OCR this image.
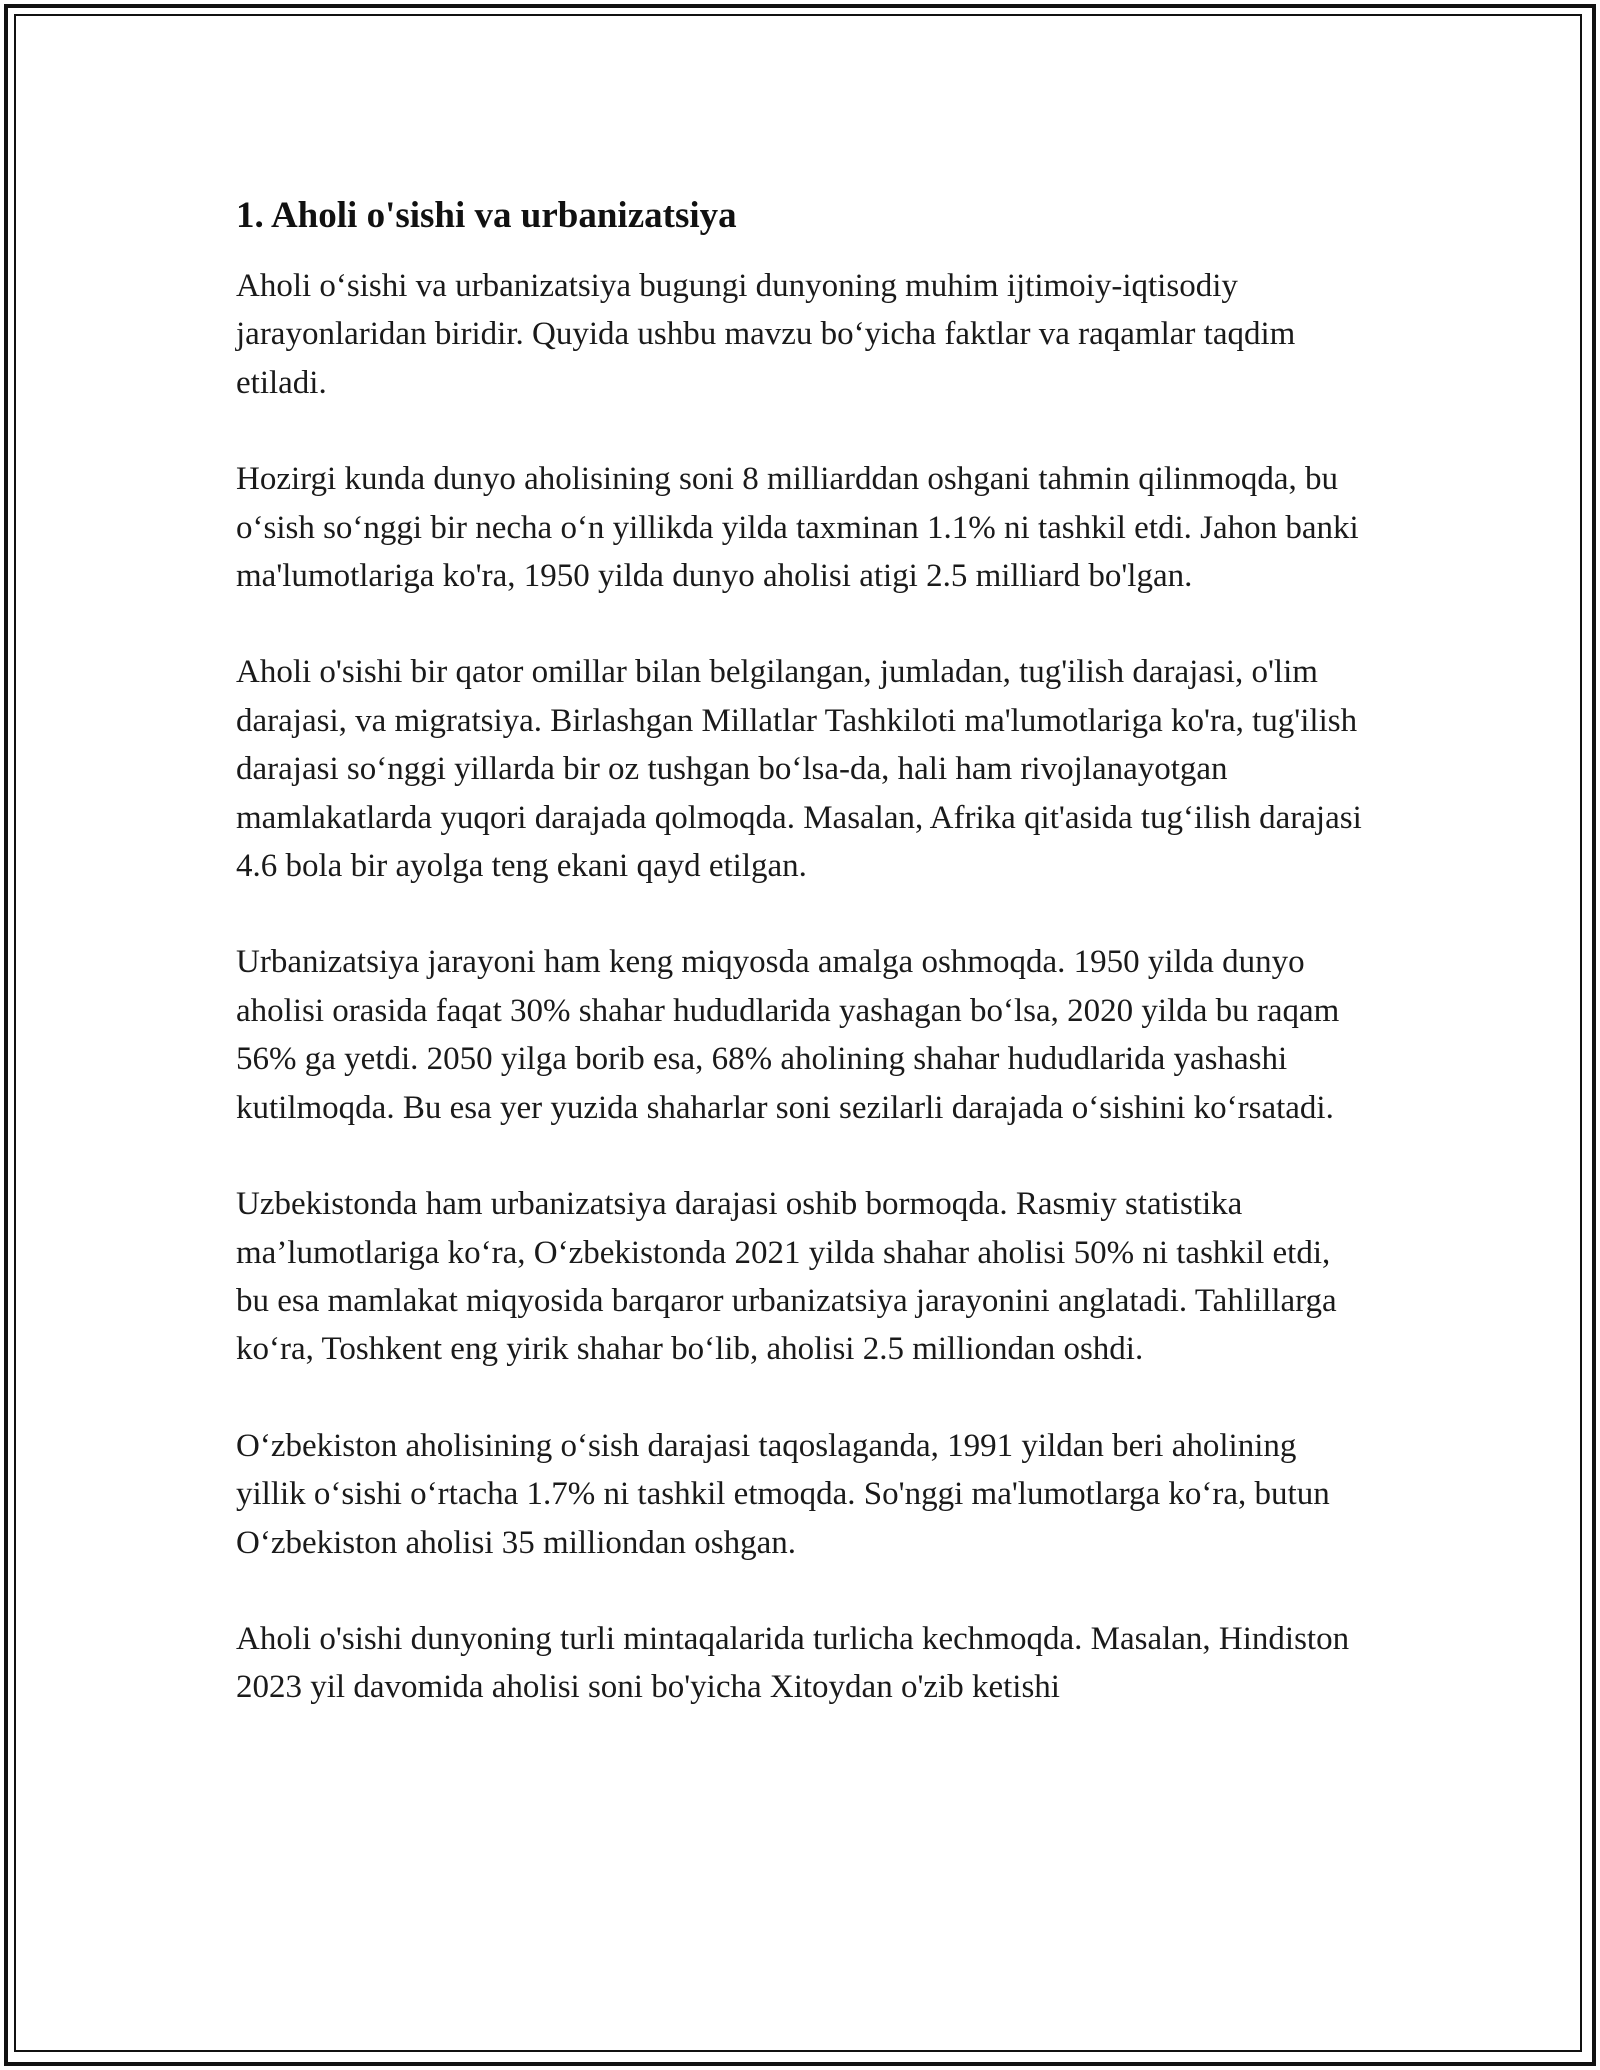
1. Aholi o'sishi va urbanizatsiya

Aholi o‘sishi va urbanizatsiya bugungi dunyoning muhim ijtimoiy-iqtisodiy jarayonlaridan biridir. Quyida ushbu mavzu bo‘yicha faktlar va raqamlar taqdim etiladi.

Hozirgi kunda dunyo aholisining soni 8 milliarddan oshgani tahmin qilinmoqda, bu o‘sish so‘nggi bir necha o‘n yillikda yilda taxminan 1.1% ni tashkil etdi. Jahon banki ma'lumotlariga ko'ra, 1950 yilda dunyo aholisi atigi 2.5 milliard bo'lgan.

Aholi o'sishi bir qator omillar bilan belgilangan, jumladan, tug'ilish darajasi, o'lim darajasi, va migratsiya. Birlashgan Millatlar Tashkiloti ma'lumotlariga ko'ra, tug'ilish darajasi so‘nggi yillarda bir oz tushgan bo‘lsa-da, hali ham rivojlanayotgan mamlakatlarda yuqori darajada qolmoqda. Masalan, Afrika qit'asida tug‘ilish darajasi 4.6 bola bir ayolga teng ekani qayd etilgan.

Urbanizatsiya jarayoni ham keng miqyosda amalga oshmoqda. 1950 yilda dunyo aholisi orasida faqat 30% shahar hududlarida yashagan bo‘lsa, 2020 yilda bu raqam 56% ga yetdi. 2050 yilga borib esa, 68% aholining shahar hududlarida yashashi kutilmoqda. Bu esa yer yuzida shaharlar soni sezilarli darajada o‘sishini ko‘rsatadi.

Uzbekistonda ham urbanizatsiya darajasi oshib bormoqda. Rasmiy statistika ma’lumotlariga ko‘ra, O‘zbekistonda 2021 yilda shahar aholisi 50% ni tashkil etdi, bu esa mamlakat miqyosida barqaror urbanizatsiya jarayonini anglatadi. Tahlillarga ko‘ra, Toshkent eng yirik shahar bo‘lib, aholisi 2.5 milliondan oshdi.

O‘zbekiston aholisining o‘sish darajasi taqoslaganda, 1991 yildan beri aholining yillik o‘sishi o‘rtacha 1.7% ni tashkil etmoqda. So'nggi ma'lumotlarga ko‘ra, butun O‘zbekiston aholisi 35 milliondan oshgan.

Aholi o'sishi dunyoning turli mintaqalarida turlicha kechmoqda. Masalan, Hindiston 2023 yil davomida aholisi soni bo'yicha Xitoydan o'zib ketishi
